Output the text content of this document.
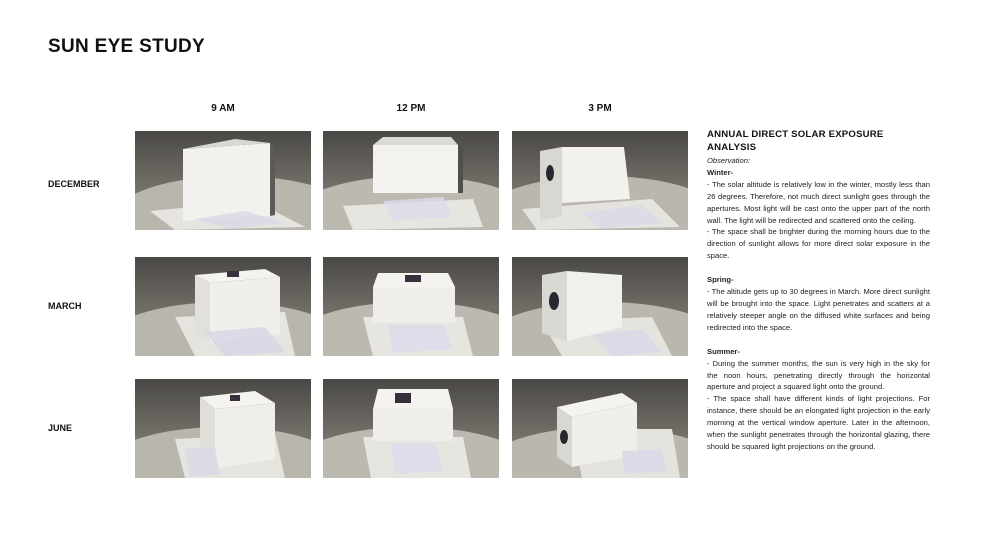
SUN EYE STUDY
9 AM	12 PM	3 PM
DECEMBER
MARCH
JUNE
ANNUAL DIRECT SOLAR EXPOSURE ANALYSIS

Observation:

Winter-

- The solar altitude is relatively low in the winter, mostly less than 26 degrees. Therefore, not much direct sunlight goes through the apertures. Most light will be cast onto the upper part of the north wall. The light will be redirected and scattered onto the ceiling.

- The space shall be brighter during the morning hours due to the direction of sunlight allows for more direct solar exposure in the space.

Spring-

- The altitude gets up to 30 degrees in March. More direct sunlight will be brought into the space. Light penetrates and scatters at a relatively steeper angle on the diffused white surfaces and being redirected into the space.

Summer-

- During the summer months, the sun is very high in the sky for the noon hours, penetrating directly through the horizontal aperture and project a squared light onto the ground.

- The space shall have different kinds of light projections. For instance, there should be an elongated light projection in the early morning at the vertical window aperture. Later in the afternoon, when the sunlight penetrates through the horizontal glazing, there should be squared light projections on the ground.
